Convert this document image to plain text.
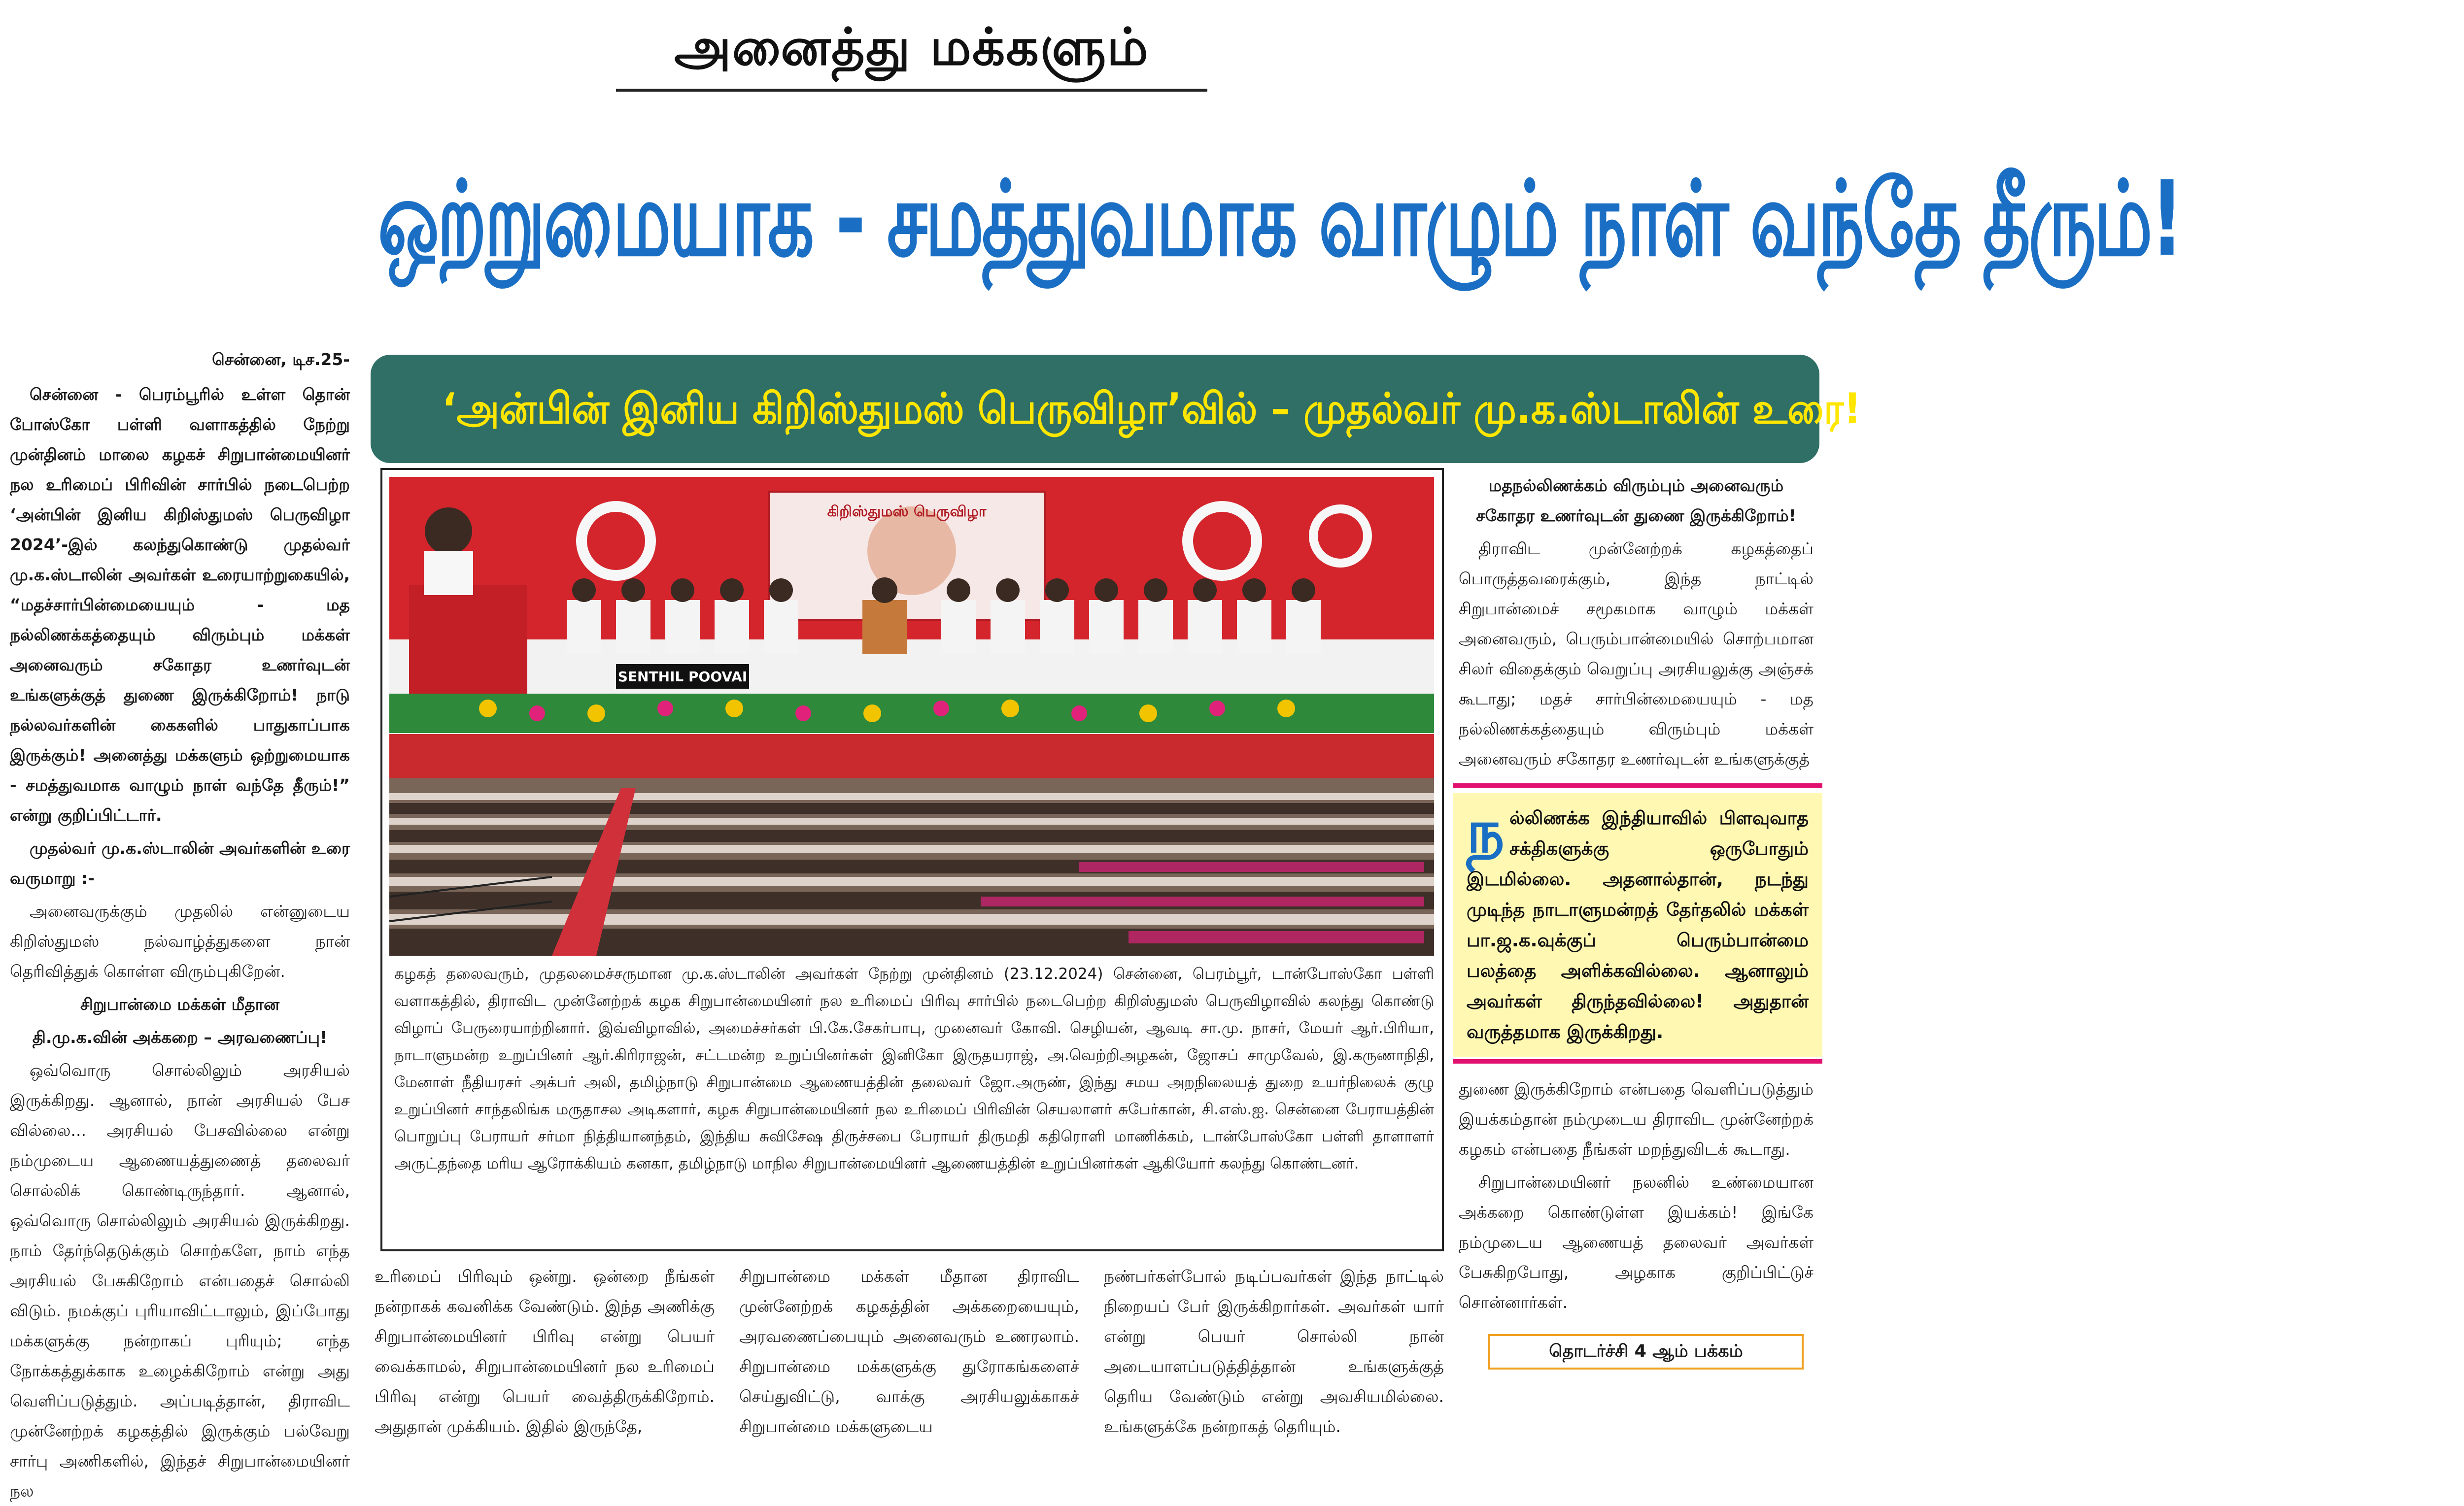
அனைத்து மக்களும்
ஒற்றுமையாக - சமத்துவமாக வாழும் நாள் வந்தே தீரும்!
‘அன்பின் இனிய கிறிஸ்துமஸ் பெருவிழா’வில் – முதல்வர் மு.க.ஸ்டாலின் உரை!
சென்னை, டிச.25-

சென்னை - பெரம்பூரில் உள்ள தொன் போஸ்கோ பள்ளி வளாகத்தில் நேற்று முன்தினம் மாலை கழகச் சிறுபான்மையினர் நல உரிமைப் பிரிவின் சார்பில் நடைபெற்ற ‘அன்பின் இனிய கிறிஸ்துமஸ் பெருவிழா 2024’-இல் கலந்துகொண்டு முதல்வர் மு.க.ஸ்டாலின் அவர்கள் உரையாற்றுகையில், “மதச்சார்பின்மையையும் - மத நல்லிணக்கத்தையும் விரும்பும் மக்கள் அனைவரும் சகோதர உணர்வுடன் உங்களுக்குத் துணை இருக்கிறோம்! நாடு நல்லவர்களின் கைகளில் பாதுகாப்பாக இருக்கும்! அனைத்து மக்களும் ஒற்றுமையாக - சமத்துவமாக வாழும் நாள் வந்தே தீரும்!” என்று குறிப்பிட்டார்.

முதல்வர் மு.க.ஸ்டாலின் அவர்களின் உரை வருமாறு :-

அனைவருக்கும் முதலில் என்னுடைய கிறிஸ்துமஸ் நல்வாழ்த்துகளை நான் தெரிவித்துக் கொள்ள விரும்புகிறேன்.

சிறுபான்மை மக்கள் மீதான

தி.மு.க.வின் அக்கறை – அரவணைப்பு!

ஒவ்வொரு சொல்லிலும் அரசியல் இருக்கிறது. ஆனால், நான் அரசியல் பேச வில்லை... அரசியல் பேசவில்லை என்று நம்முடைய ஆணையத்துணைத் தலைவர் சொல்லிக் கொண்டிருந்தார். ஆனால், ஒவ்வொரு சொல்லிலும் அரசியல் இருக்கிறது. நாம் தேர்ந்தெடுக்கும் சொற்களே, நாம் எந்த அரசியல் பேசுகிறோம் என்பதைச் சொல்லி விடும். நமக்குப் புரியாவிட்டாலும், இப்போது மக்களுக்கு நன்றாகப் புரியும்; எந்த நோக்கத்துக்காக உழைக்கிறோம் என்று அது வெளிப்படுத்தும். அப்படித்தான், திராவிட முன்னேற்றக் கழகத்தில் இருக்கும் பல்வேறு சார்பு அணிகளில், இந்தச் சிறுபான்மையினர் நல

SENTHIL POOVAI
கிறிஸ்துமஸ் பெருவிழா
கழகத் தலைவரும், முதலமைச்சருமான மு.க.ஸ்டாலின் அவர்கள் நேற்று முன்தினம் (23.12.2024) சென்னை, பெரம்பூர், டான்போஸ்கோ பள்ளி வளாகத்தில், திராவிட முன்னேற்றக் கழக சிறுபான்மையினர் நல உரிமைப் பிரிவு சார்பில் நடைபெற்ற கிறிஸ்துமஸ் பெருவிழாவில் கலந்து கொண்டு விழாப் பேருரையாற்றினார். இவ்விழாவில், அமைச்சர்கள் பி.கே.சேகர்பாபு, முனைவர் கோவி. செழியன், ஆவடி சா.மு. நாசர், மேயர் ஆர்.பிரியா, நாடாளுமன்ற உறுப்பினர் ஆர்.கிரிராஜன், சட்டமன்ற உறுப்பினர்கள் இனிகோ இருதயராஜ், அ.வெற்றிஅழகன், ஜோசப் சாமுவேல், இ.கருணாநிதி, மேனாள் நீதியரசர் அக்பர் அலி, தமிழ்நாடு சிறுபான்மை ஆணையத்தின் தலைவர் ஜோ.அருண், இந்து சமய அறநிலையத் துறை உயர்நிலைக் குழு உறுப்பினர் சாந்தலிங்க மருதாசல அடிகளார், கழக சிறுபான்மையினர் நல உரிமைப் பிரிவின் செயலாளர் சுபேர்கான், சி.எஸ்.ஐ. சென்னை பேராயத்தின் பொறுப்பு பேராயர் சர்மா நித்தியானந்தம், இந்திய சுவிசேஷ திருச்சபை பேராயர் திருமதி கதிரொளி மாணிக்கம், டான்போஸ்கோ பள்ளி தாளாளர் அருட்தந்தை மரிய ஆரோக்கியம் கனகா, தமிழ்நாடு மாநில சிறுபான்மையினர் ஆணையத்தின் உறுப்பினர்கள் ஆகியோர் கலந்து கொண்டனர்.

உரிமைப் பிரிவும் ஒன்று. ஒன்றை நீங்கள் நன்றாகக் கவனிக்க வேண்டும். இந்த அணிக்கு சிறுபான்மையினர் பிரிவு என்று பெயர் வைக்காமல், சிறுபான்மையினர் நல உரிமைப் பிரிவு என்று பெயர் வைத்திருக்கிறோம். அதுதான் முக்கியம். இதில் இருந்தே,

சிறுபான்மை மக்கள் மீதான திராவிட முன்னேற்றக் கழகத்தின் அக்கறையையும், அரவணைப்பையும் அனைவரும் உணரலாம். சிறுபான்மை மக்களுக்கு துரோகங்களைச் செய்துவிட்டு, வாக்கு அரசியலுக்காகச் சிறுபான்மை மக்களுடைய

நண்பர்கள்போல் நடிப்பவர்கள் இந்த நாட்டில் நிறையப் பேர் இருக்கிறார்கள். அவர்கள் யார் என்று பெயர் சொல்லி நான் அடையாளப்படுத்தித்தான் உங்களுக்குத் தெரிய வேண்டும் என்று அவசியமில்லை. உங்களுக்கே நன்றாகத் தெரியும்.

மதநல்லிணக்கம் விரும்பும் அனைவரும் சகோதர உணர்வுடன் துணை இருக்கிறோம்!

திராவிட முன்னேற்றக் கழகத்தைப் பொருத்தவரைக்கும், இந்த நாட்டில் சிறுபான்மைச் சமூகமாக வாழும் மக்கள் அனைவரும், பெரும்பான்மையில் சொற்பமான சிலர் விதைக்கும் வெறுப்பு அரசியலுக்கு அஞ்சக் கூடாது; மதச் சார்பின்மையையும் - மத நல்லிணக்கத்தையும் விரும்பும் மக்கள் அனைவரும் சகோதர உணர்வுடன் உங்களுக்குத்

நல்லிணக்க இந்தியாவில் பிளவுவாத சக்திகளுக்கு ஒருபோதும் இடமில்லை. அதனால்தான், நடந்து முடிந்த நாடாளுமன்றத் தேர்தலில் மக்கள் பா.ஜ.க.வுக்குப் பெரும்பான்மை பலத்தை அளிக்கவில்லை. ஆனாலும் அவர்கள் திருந்தவில்லை! அதுதான் வருத்தமாக இருக்கிறது.

துணை இருக்கிறோம் என்பதை வெளிப்படுத்தும் இயக்கம்தான் நம்முடைய திராவிட முன்னேற்றக் கழகம் என்பதை நீங்கள் மறந்துவிடக் கூடாது.

சிறுபான்மையினர் நலனில் உண்மையான அக்கறை கொண்டுள்ள இயக்கம்! இங்கே நம்முடைய ஆணையத் தலைவர் அவர்கள் பேசுகிறபோது, அழகாக குறிப்பிட்டுச் சொன்னார்கள்.

தொடர்ச்சி 4 ஆம் பக்கம்
